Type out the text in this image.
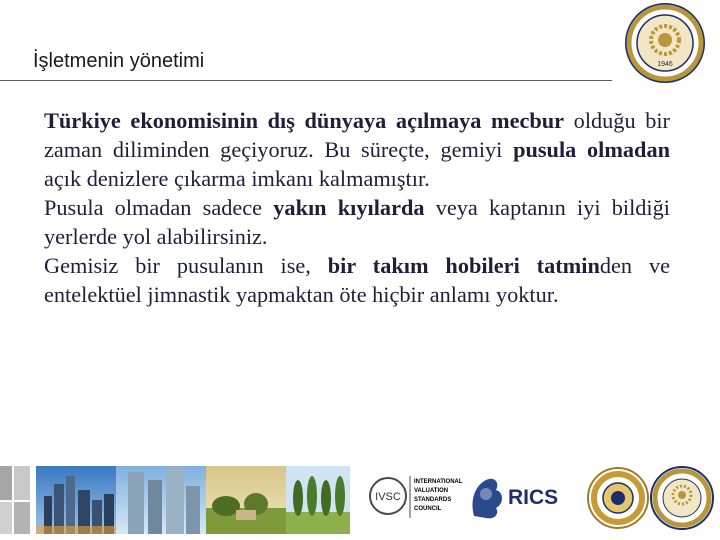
İşletmenin yönetimi	1946

Türkiye ekonomisinin dış dünyaya açılmaya mecbur olduğu bir zaman diliminden geçiyoruz. Bu süreçte, gemiyi pusula olmadan açık denizlere çıkarma imkanı kalmamıştır.

Pusula olmadan sadece yakın kıyılarda veya kaptanın iyi bildiği yerlerde yol alabilirsiniz.

Gemisiz bir pusulanın ise, bir takım hobileri tatminden ve entelektüel jimnastik yapmaktan öte hiçbir anlamı yoktur.

IVSC
INTERNATIONAL
VALUATION
STANDARDS
COUNCIL	RICS
